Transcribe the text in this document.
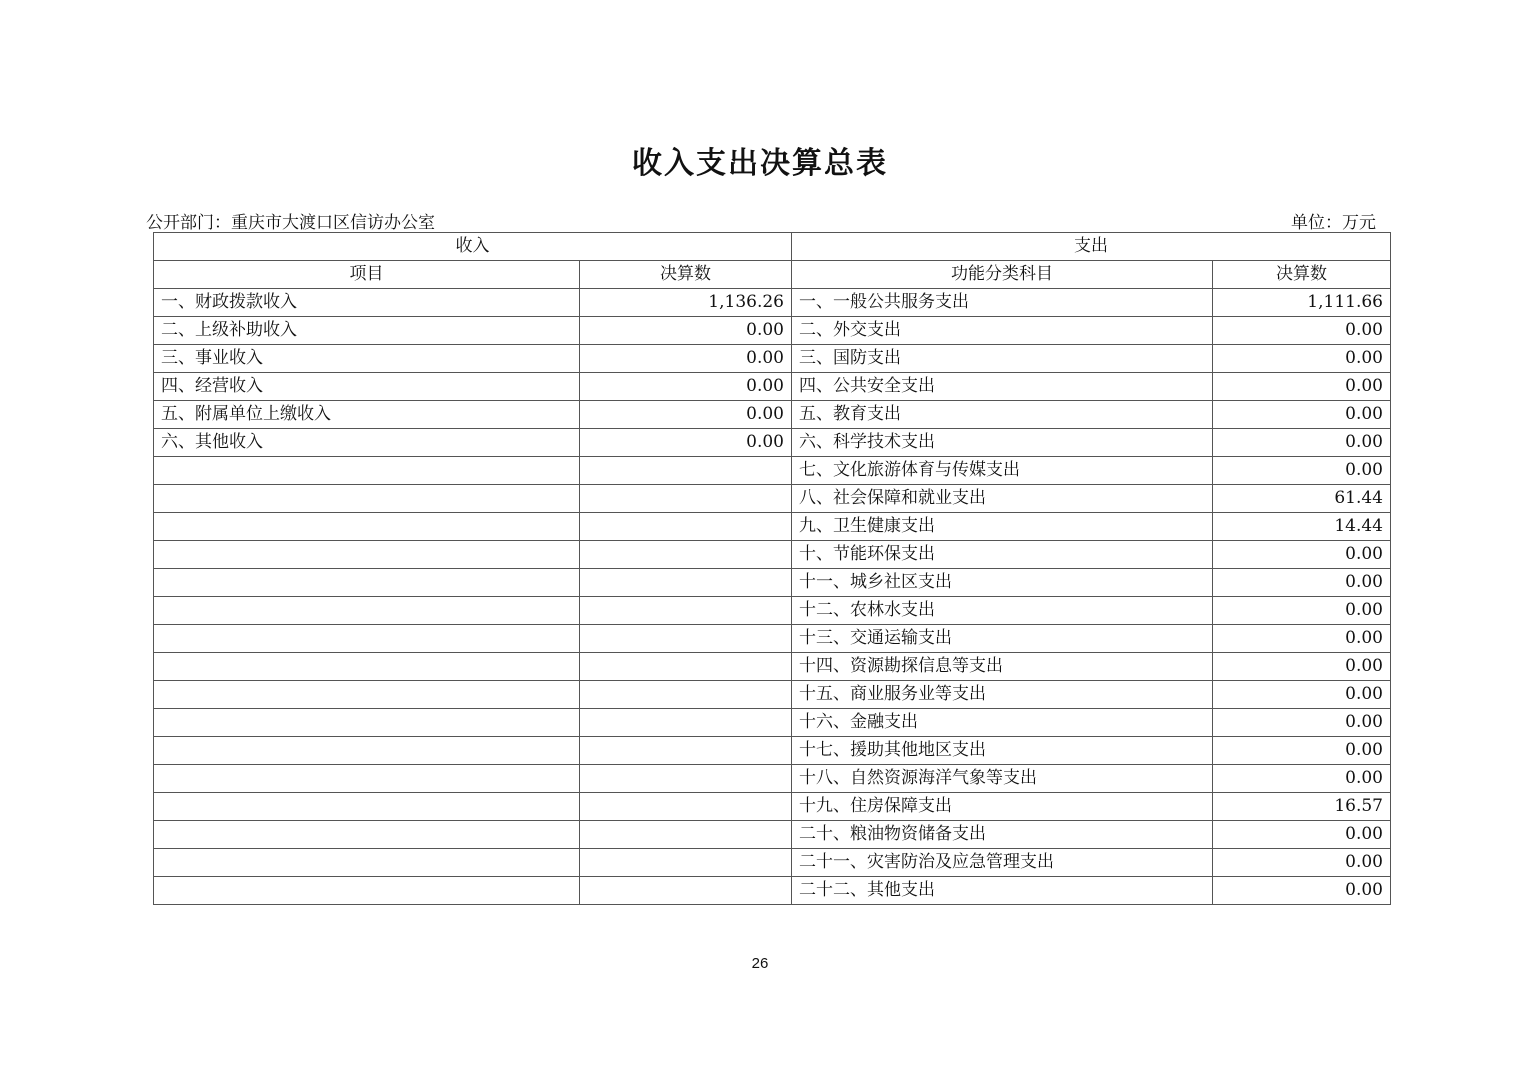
收入支出决算总表
公开部门：重庆市大渡口区信访办公室	单位：万元
收入		支出	
项目	决算数	功能分类科目	决算数
一、财政拨款收入	1,136.26	一、一般公共服务支出	1,111.66
二、上级补助收入	0.00	二、外交支出	0.00
三、事业收入	0.00	三、国防支出	0.00
四、经营收入	0.00	四、公共安全支出	0.00
五、附属单位上缴收入	0.00	五、教育支出	0.00
六、其他收入	0.00	六、科学技术支出	0.00
		七、文化旅游体育与传媒支出	0.00
		八、社会保障和就业支出	61.44
		九、卫生健康支出	14.44
		十、节能环保支出	0.00
		十一、城乡社区支出	0.00
		十二、农林水支出	0.00
		十三、交通运输支出	0.00
		十四、资源勘探信息等支出	0.00
		十五、商业服务业等支出	0.00
		十六、金融支出	0.00
		十七、援助其他地区支出	0.00
		十八、自然资源海洋气象等支出	0.00
		十九、住房保障支出	16.57
		二十、粮油物资储备支出	0.00
		二十一、灾害防治及应急管理支出	0.00
		二十二、其他支出	0.00
26
